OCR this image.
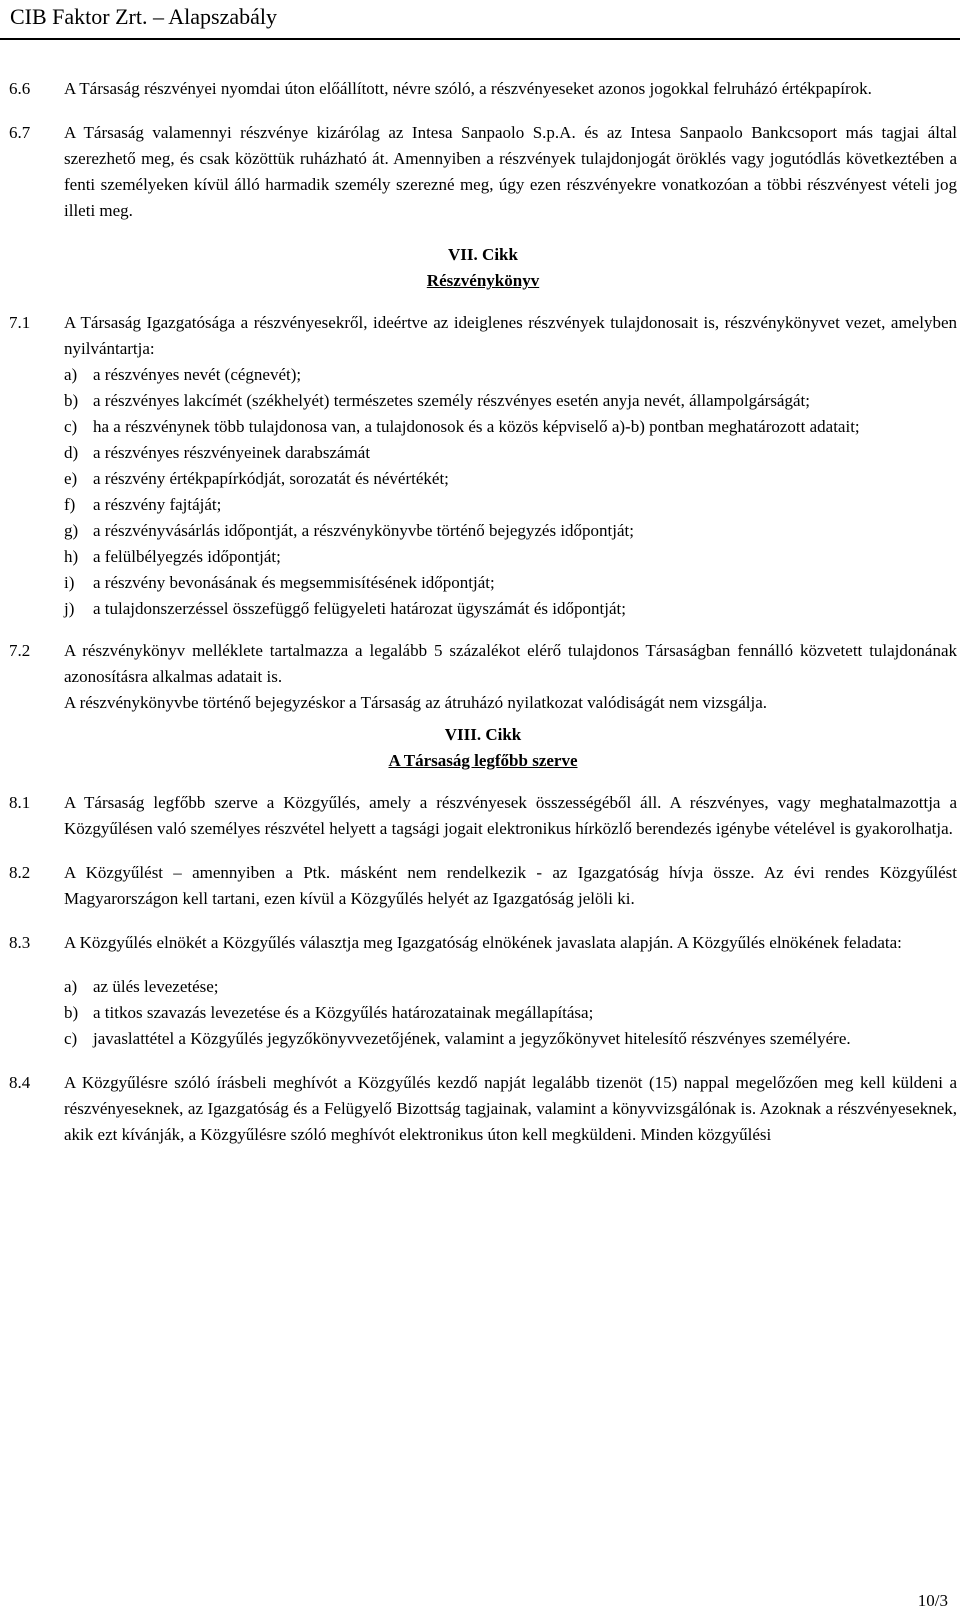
CIB Faktor Zrt. – Alapszabály
6.6	A Társaság részvényei nyomdai úton előállított, névre szóló, a részvényeseket azonos jogokkal felruházó értékpapírok.

6.7	A Társaság valamennyi részvénye kizárólag az Intesa Sanpaolo S.p.A. és az Intesa Sanpaolo Bankcsoport más tagjai által szerezhető meg, és csak közöttük ruházható át. Amennyiben a részvények tulajdonjogát öröklés vagy jogutódlás következtében a fenti személyeken kívül álló harmadik személy szerezné meg, úgy ezen részvényekre vonatkozóan a többi részvényest vételi jog illeti meg.

VII. Cikk

Részvénykönyv

7.1	A Társaság Igazgatósága a részvényesekről, ideértve az ideiglenes részvények tulajdonosait is, részvénykönyvet vezet, amelyben nyilvántartja:

a) a részvényes nevét (cégnevét);
b) a részvényes lakcímét (székhelyét) természetes személy részvényes esetén anyja nevét, állampolgárságát;
c) ha a részvénynek több tulajdonosa van, a tulajdonosok és a közös képviselő a)-b) pontban meghatározott adatait;
d) a részvényes részvényeinek darabszámát
e) a részvény értékpapírkódját, sorozatát és névértékét;
f)	a részvény fajtáját;
g) a részvényvásárlás időpontját, a részvénykönyvbe történő bejegyzés időpontját;
h) a felülbélyegzés időpontját;
i)	a részvény bevonásának és megsemmisítésének időpontját;
j)	a tulajdonszerzéssel összefüggő felügyeleti határozat ügyszámát és időpontját;
7.2	A részvénykönyv melléklete tartalmazza a legalább 5 százalékot elérő tulajdonos Társaságban fennálló közvetett tulajdonának azonosításra alkalmas adatait is.

A részvénykönyvbe történő bejegyzéskor a Társaság az átruházó nyilatkozat valódiságát nem vizsgálja.

VIII. Cikk

A Társaság legfőbb szerve

8.1	A Társaság legfőbb szerve a Közgyűlés, amely a részvényesek összességéből áll. A részvényes, vagy meghatalmazottja a Közgyűlésen való személyes részvétel helyett a tagsági jogait elektronikus hírközlő berendezés igénybe vételével is gyakorolhatja.

8.2	A Közgyűlést – amennyiben a Ptk. másként nem rendelkezik - az Igazgatóság hívja össze. Az évi rendes Közgyűlést Magyarországon kell tartani, ezen kívül a Közgyűlés helyét az Igazgatóság jelöli ki.

8.3	A Közgyűlés elnökét a Közgyűlés választja meg Igazgatóság elnökének javaslata alapján. A Közgyűlés elnökének feladata:

a) az ülés levezetése;
b) a titkos szavazás levezetése és a Közgyűlés határozatainak megállapítása;
c) javaslattétel a Közgyűlés jegyzőkönyvvezetőjének, valamint a jegyzőkönyvet hitelesítő részvényes személyére.
8.4	A Közgyűlésre szóló írásbeli meghívót a Közgyűlés kezdő napját legalább tizenöt (15) nappal megelőzően meg kell küldeni a részvényeseknek, az Igazgatóság és a Felügyelő Bizottság tagjainak, valamint a könyvvizsgálónak is. Azoknak a részvényeseknek, akik ezt kívánják, a Közgyűlésre szóló meghívót elektronikus úton kell megküldeni. Minden közgyűlési

10/3
